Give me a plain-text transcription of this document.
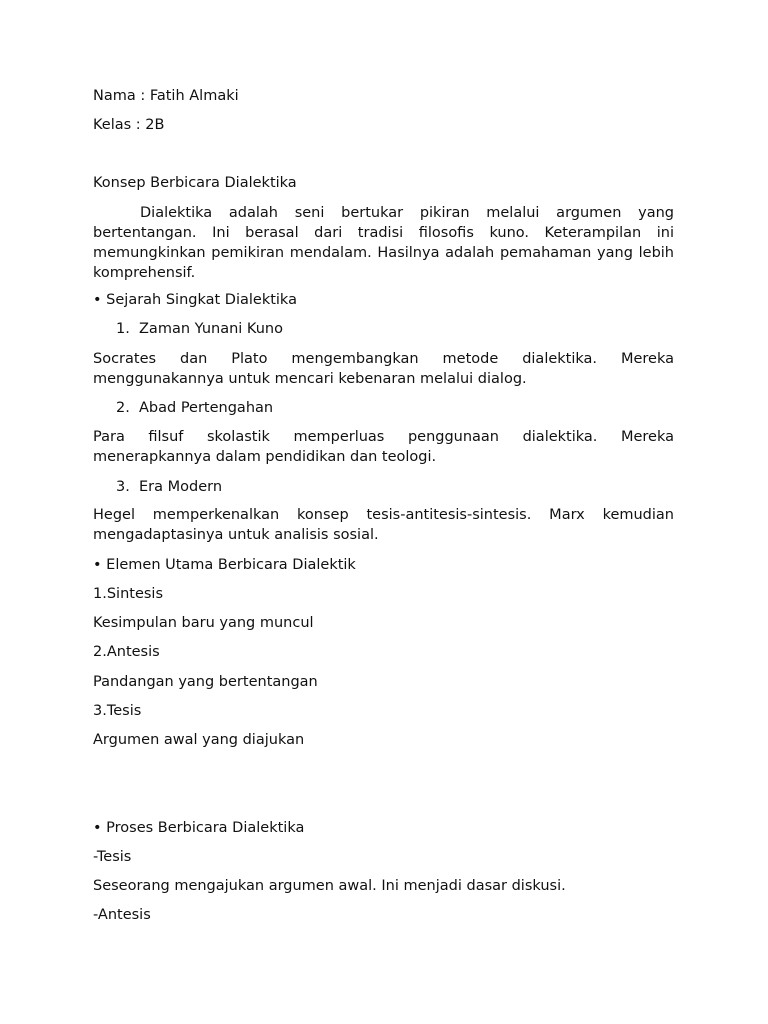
Nama : Fatih Almaki
Kelas : 2B
Konsep Berbicara Dialektika
Dialektika adalah seni bertukar pikiran melalui argumen yang bertentangan. Ini berasal dari tradisi filosofis kuno. Keterampilan ini memungkinkan pemikiran mendalam. Hasilnya adalah pemahaman yang lebih komprehensif.
• Sejarah Singkat Dialektika
1. Zaman Yunani Kuno
Socrates dan Plato mengembangkan metode dialektika. Mereka menggunakannya untuk mencari kebenaran melalui dialog.
2. Abad Pertengahan
Para filsuf skolastik memperluas penggunaan dialektika. Mereka menerapkannya dalam pendidikan dan teologi.
3. Era Modern
Hegel memperkenalkan konsep tesis-antitesis-sintesis. Marx kemudian mengadaptasinya untuk analisis sosial.
• Elemen Utama Berbicara Dialektik
1.Sintesis
Kesimpulan baru yang muncul
2.Antesis
Pandangan yang bertentangan
3.Tesis
Argumen awal yang diajukan
• Proses Berbicara Dialektika
-Tesis
Seseorang mengajukan argumen awal. Ini menjadi dasar diskusi.
-Antesis
